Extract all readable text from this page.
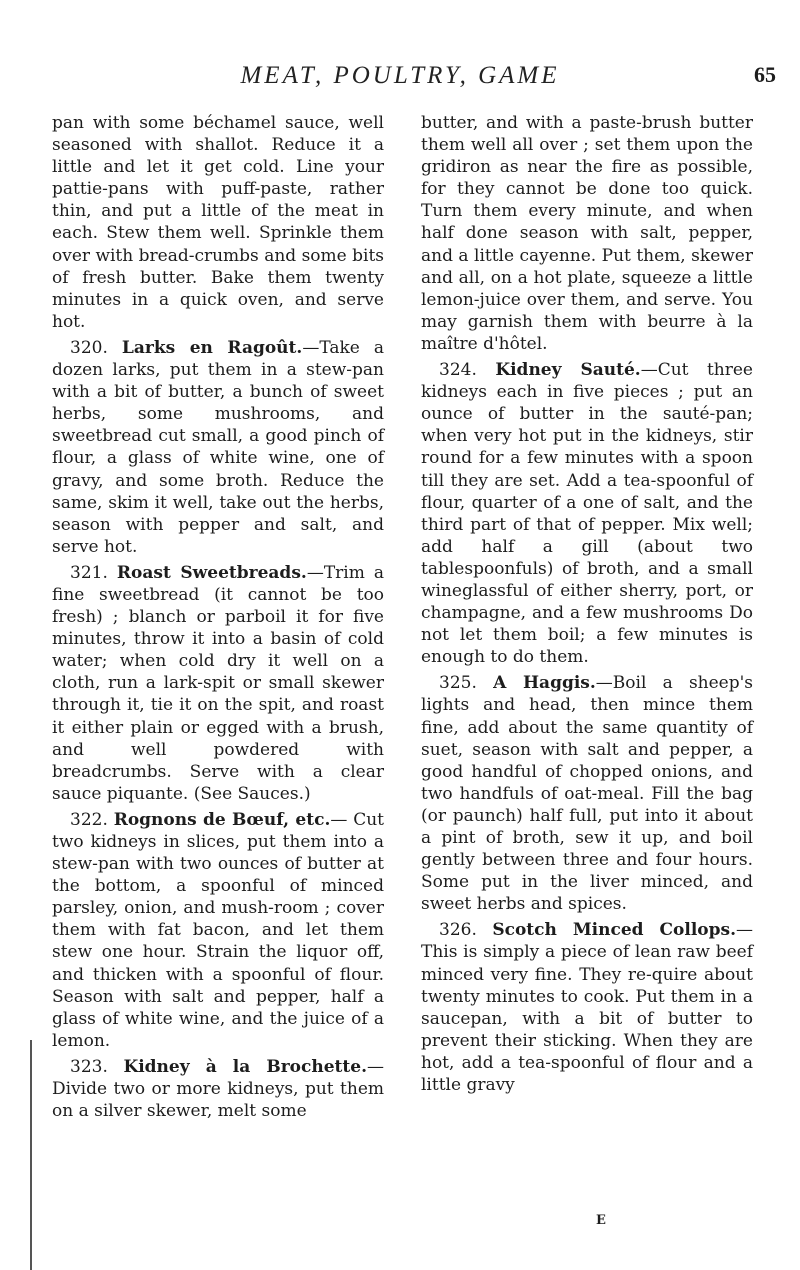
MEAT, POULTRY, GAME	65

pan with some béchamel sauce, well seasoned with shallot. Reduce it a little and let it get cold. Line your pattie-pans with puff-paste, rather thin, and put a little of the meat in each. Stew them well. Sprinkle them over with bread-crumbs and some bits of fresh butter. Bake them twenty minutes in a quick oven, and serve hot.

320. Larks en Ragoût.—Take a dozen larks, put them in a stew-pan with a bit of butter, a bunch of sweet herbs, some mushrooms, and sweetbread cut small, a good pinch of flour, a glass of white wine, one of gravy, and some broth. Reduce the same, skim it well, take out the herbs, season with pepper and salt, and serve hot.

321. Roast Sweetbreads.—Trim a fine sweetbread (it cannot be too fresh) ; blanch or parboil it for five minutes, throw it into a basin of cold water; when cold dry it well on a cloth, run a lark-spit or small skewer through it, tie it on the spit, and roast it either plain or egged with a brush, and well powdered with breadcrumbs. Serve with a clear sauce piquante. (See Sauces.)

322. Rognons de Bœuf, etc.— Cut two kidneys in slices, put them into a stew-pan with two ounces of butter at the bottom, a spoonful of minced parsley, onion, and mush-room ; cover them with fat bacon, and let them stew one hour. Strain the liquor off, and thicken with a spoonful of flour. Season with salt and pepper, half a glass of white wine, and the juice of a lemon.

323. Kidney à la Brochette.— Divide two or more kidneys, put them on a silver skewer, melt some

butter, and with a paste-brush butter them well all over ; set them upon the gridiron as near the fire as possible, for they cannot be done too quick. Turn them every minute, and when half done season with salt, pepper, and a little cayenne. Put them, skewer and all, on a hot plate, squeeze a little lemon-juice over them, and serve. You may garnish them with beurre à la maître d'hôtel.

324. Kidney Sauté.—Cut three kidneys each in five pieces ; put an ounce of butter in the sauté-pan; when very hot put in the kidneys, stir round for a few minutes with a spoon till they are set. Add a tea-spoonful of flour, quarter of a one of salt, and the third part of that of pepper. Mix well; add half a gill (about two tablespoonfuls) of broth, and a small wineglassful of either sherry, port, or champagne, and a few mushrooms Do not let them boil; a few minutes is enough to do them.

325. A Haggis.—Boil a sheep's lights and head, then mince them fine, add about the same quantity of suet, season with salt and pepper, a good handful of chopped onions, and two handfuls of oat-meal. Fill the bag (or paunch) half full, put into it about a pint of broth, sew it up, and boil gently between three and four hours. Some put in the liver minced, and sweet herbs and spices.

326. Scotch Minced Collops.— This is simply a piece of lean raw beef minced very fine. They re-quire about twenty minutes to cook. Put them in a saucepan, with a bit of butter to prevent their sticking. When they are hot, add a tea-spoonful of flour and a little gravy

E
